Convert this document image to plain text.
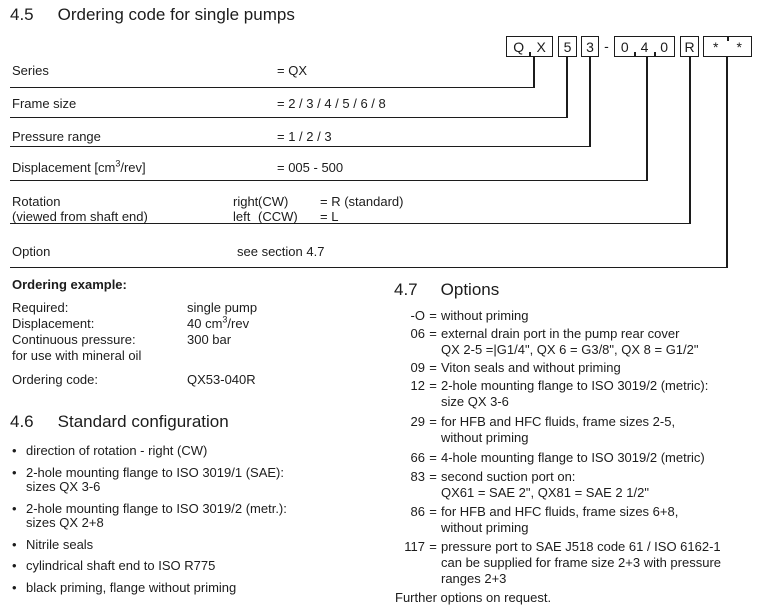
4.5 Ordering code for single pumps
Q X 5 3 - 0 4 0 R * *
Series	= QX
Frame size	= 2 / 3 / 4 / 5 / 6 / 8
Pressure range	= 1 / 2 / 3
Displacement $[cm^3/rev]$	= 005 - 500
Rotation	right (CW) = R (standard)
(viewed from shaft end)	left (CCW) = L
Option	see section 4.7
Ordering example:
Required:	single pump
Displacement:	40 $cm^3$/rev
Continuous pressure:	300 bar
for use with mineral oil
Ordering code:	QX53-040R
4.6 Standard configuration
• direction of rotation - right (CW)
• 2-hole mounting flange to ISO 3019/1 (SAE):
sizes QX 3-6
• 2-hole mounting flange to ISO 3019/2 (metr.):
sizes QX 2+8
• Nitrile seals
• cylindrical shaft end to ISO R775
• black priming, flange without priming
4.7 Options
-O = without priming
06 = external drain port in the pump rear cover
QX 2-5 =|G1/4", QX 6 = G3/8", QX 8 = G1/2"
09 = Viton seals and without priming
12 = 2-hole mounting flange to ISO 3019/2 (metric):
size QX 3-6
29 = for HFB and HFC fluids, frame sizes 2-5,
without priming
66 = 4-hole mounting flange to ISO 3019/2 (metric)
83 = second suction port on:
QX61 = SAE 2", QX81 = SAE 2 1/2"
86 = for HFB and HFC fluids, frame sizes 6+8,
without priming
117 = pressure port to SAE J518 code 61 / ISO 6162-1
can be supplied for frame size 2+3 with pressure
ranges 2+3
Further options on request.
